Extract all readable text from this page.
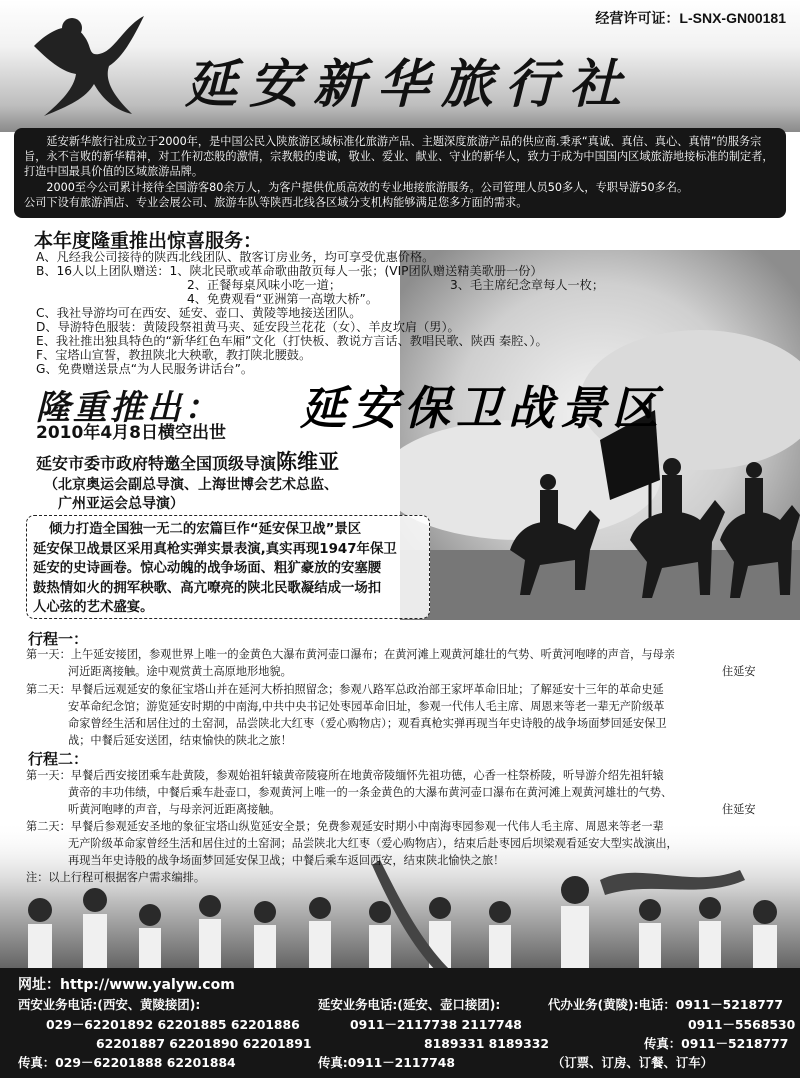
经营许可证：L-SNX-GN00181
延安新华旅行社

延安新华旅行社成立于2000年，是中国公民入陕旅游区域标准化旅游产品、主题深度旅游产品的供应商.秉承“真诚、真信、真心、真情”的服务宗旨，永不言败的新华精神，对工作初恋般的激情，宗教般的虔诚，敬业、爱业、献业、守业的新华人，致力于成为中国国内区域旅游地接标准的制定者，打造中国最具价值的区域旅游品牌。

2000至今公司累计接待全国游客80余万人，为客户提供优质高效的专业地接旅游服务。公司管理人员50多人，专职导游50多名。

公司下设有旅游酒店、专业会展公司、旅游车队等陕西北线各区域分支机构能够满足您多方面的需求。

本年度隆重推出惊喜服务：
A、凡经我公司接待的陕西北线团队、散客订房业务，均可享受优惠价格。
B、16人以上团队赠送：1、陕北民歌或革命歌曲散页每人一张；(VIP团队赠送精美歌册一份）
2、正餐每桌风味小吃一道；	3、毛主席纪念章每人一枚；
4、免费观看“亚洲第一高墩大桥”。
C、我社导游均可在西安、延安、壶口、黄陵等地接送团队。
D、导游特色服装：黄陵段祭祖黄马夹、延安段兰花花（女）、羊皮坎肩（男）。
E、我社推出独具特色的“新华红色车厢”文化（打快板、教说方言话、教唱民歌、陕西 秦腔、）。
F、宝塔山宣誓，教扭陕北大秧歌，教打陕北腰鼓。
G、免费赠送景点“为人民服务讲话台”。
隆重推出： 延安保卫战景区
2010年4月8日横空出世
延安市委市政府特邀全国顶级导演陈维亚
（北京奥运会副总导演、上海世博会艺术总监、
广州亚运会总导演）
倾力打造全国独一无二的宏篇巨作“延安保卫战”景区
延安保卫战景区采用真枪实弹实景表演,真实再现1947年保卫
延安的史诗画卷。惊心动魄的战争场面、粗犷豪放的安塞腰
鼓热情如火的拥军秧歌、高亢嘹亮的陕北民歌凝结成一场扣
人心弦的艺术盛宴。
行程一：
第一天：上午延安接团，参观世界上唯一的金黄色大瀑布黄河壶口瀑布；在黄河滩上观黄河雄壮的气势、听黄河咆哮的声音，与母亲
河近距离接触。途中观赏黄土高原地形地貌。	住延安
第二天：早餐后远观延安的象征宝塔山并在延河大桥拍照留念；参观八路军总政治部王家坪革命旧址；了解延安十三年的革命史延
安革命纪念馆；游览延安时期的中南海,中共中央书记处枣园革命旧址，参观一代伟人毛主席、周恩来等老一辈无产阶级革
命家曾经生活和居住过的土窑洞，品尝陕北大红枣（爱心购物店）；观看真枪实弹再现当年史诗般的战争场面梦回延安保卫
战；中餐后延安送团，结束愉快的陕北之旅！
行程二：
第一天：早餐后西安接团乘车赴黄陵，参观始祖轩辕黄帝陵寝所在地黄帝陵缅怀先祖功德，心香一柱祭桥陵，听导游介绍先祖轩辕
黄帝的丰功伟绩，中餐后乘车赴壶口，参观黄河上唯一的一条金黄色的大瀑布黄河壶口瀑布在黄河滩上观黄河雄壮的气势、
听黄河咆哮的声音，与母亲河近距离接触。	住延安
第二天：早餐后参观延安圣地的象征宝塔山纵览延安全景；免费参观延安时期小中南海枣园参观一代伟人毛主席、周恩来等老一辈
无产阶级革命家曾经生活和居住过的土窑洞；品尝陕北大红枣（爱心购物店），结束后赴枣园后坝梁观看延安大型实战演出，
再现当年史诗般的战争场面梦回延安保卫战；中餐后乘车返回西安，结束陕北愉快之旅！
注：以上行程可根据客户需求编排。
网址：http://www.yalyw.com
西安业务电话:(西安、黄陵接团):
029－62201892 62201885 62201886
62201887 62201890 62201891
传真：029－62201888 62201884
延安业务电话:(延安、壶口接团):
0911－2117738 2117748
8189331 8189332
传真:0911－2117748
代办业务(黄陵):电话：0911－5218777
0911－5568530
传真：0911－5218777
（订票、订房、订餐、订车）
